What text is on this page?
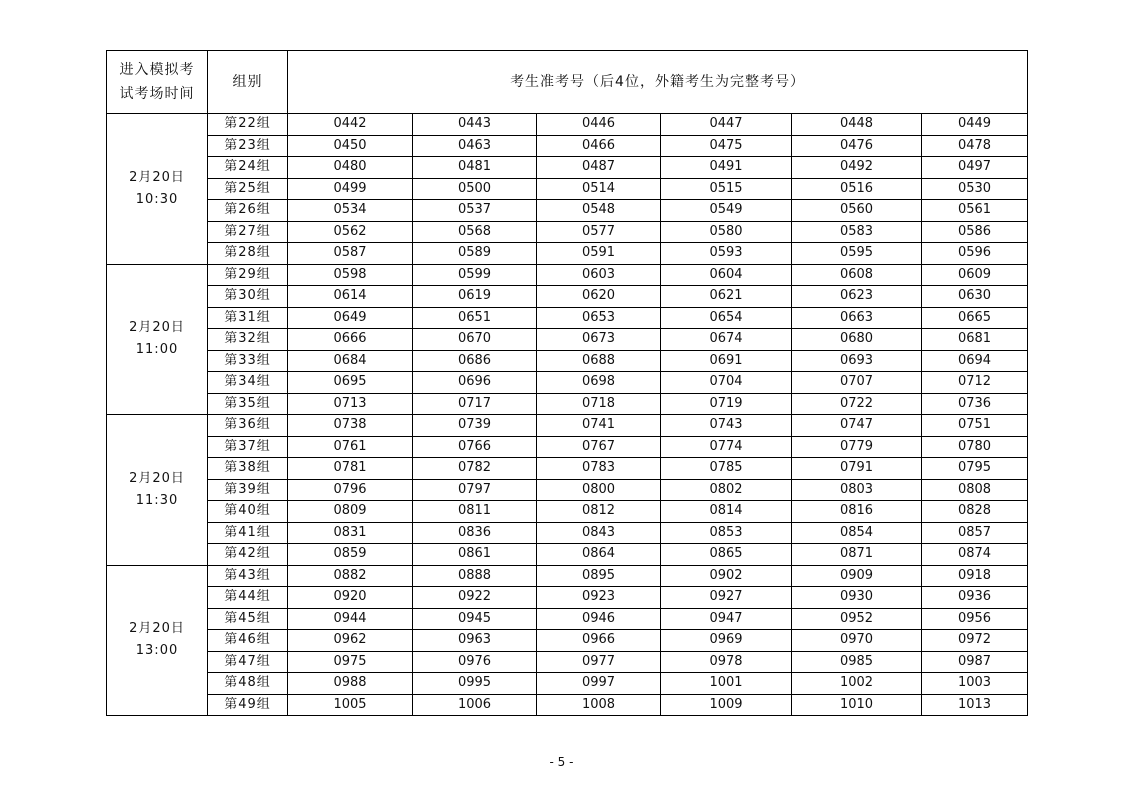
进入模拟考试考场时间	组别	考生准考号（后4位，外籍考生为完整考号）					

2月20日
10:30	第22组	0442	0443	0446	0447	0448	0449
	第23组	0450	0463	0466	0475	0476	0478
	第24组	0480	0481	0487	0491	0492	0497
	第25组	0499	0500	0514	0515	0516	0530
	第26组	0534	0537	0548	0549	0560	0561
	第27组	0562	0568	0577	0580	0583	0586
	第28组	0587	0589	0591	0593	0595	0596

2月20日
11:00	第29组	0598	0599	0603	0604	0608	0609
	第30组	0614	0619	0620	0621	0623	0630
	第31组	0649	0651	0653	0654	0663	0665
	第32组	0666	0670	0673	0674	0680	0681
	第33组	0684	0686	0688	0691	0693	0694
	第34组	0695	0696	0698	0704	0707	0712
	第35组	0713	0717	0718	0719	0722	0736

2月20日
11:30	第36组	0738	0739	0741	0743	0747	0751
	第37组	0761	0766	0767	0774	0779	0780
	第38组	0781	0782	0783	0785	0791	0795
	第39组	0796	0797	0800	0802	0803	0808
	第40组	0809	0811	0812	0814	0816	0828
	第41组	0831	0836	0843	0853	0854	0857
	第42组	0859	0861	0864	0865	0871	0874

2月20日
13:00	第43组	0882	0888	0895	0902	0909	0918
	第44组	0920	0922	0923	0927	0930	0936
	第45组	0944	0945	0946	0947	0952	0956
	第46组	0962	0963	0966	0969	0970	0972
	第47组	0975	0976	0977	0978	0985	0987
	第48组	0988	0995	0997	1001	1002	1003
	第49组	1005	1006	1008	1009	1010	1013
- 5 -
